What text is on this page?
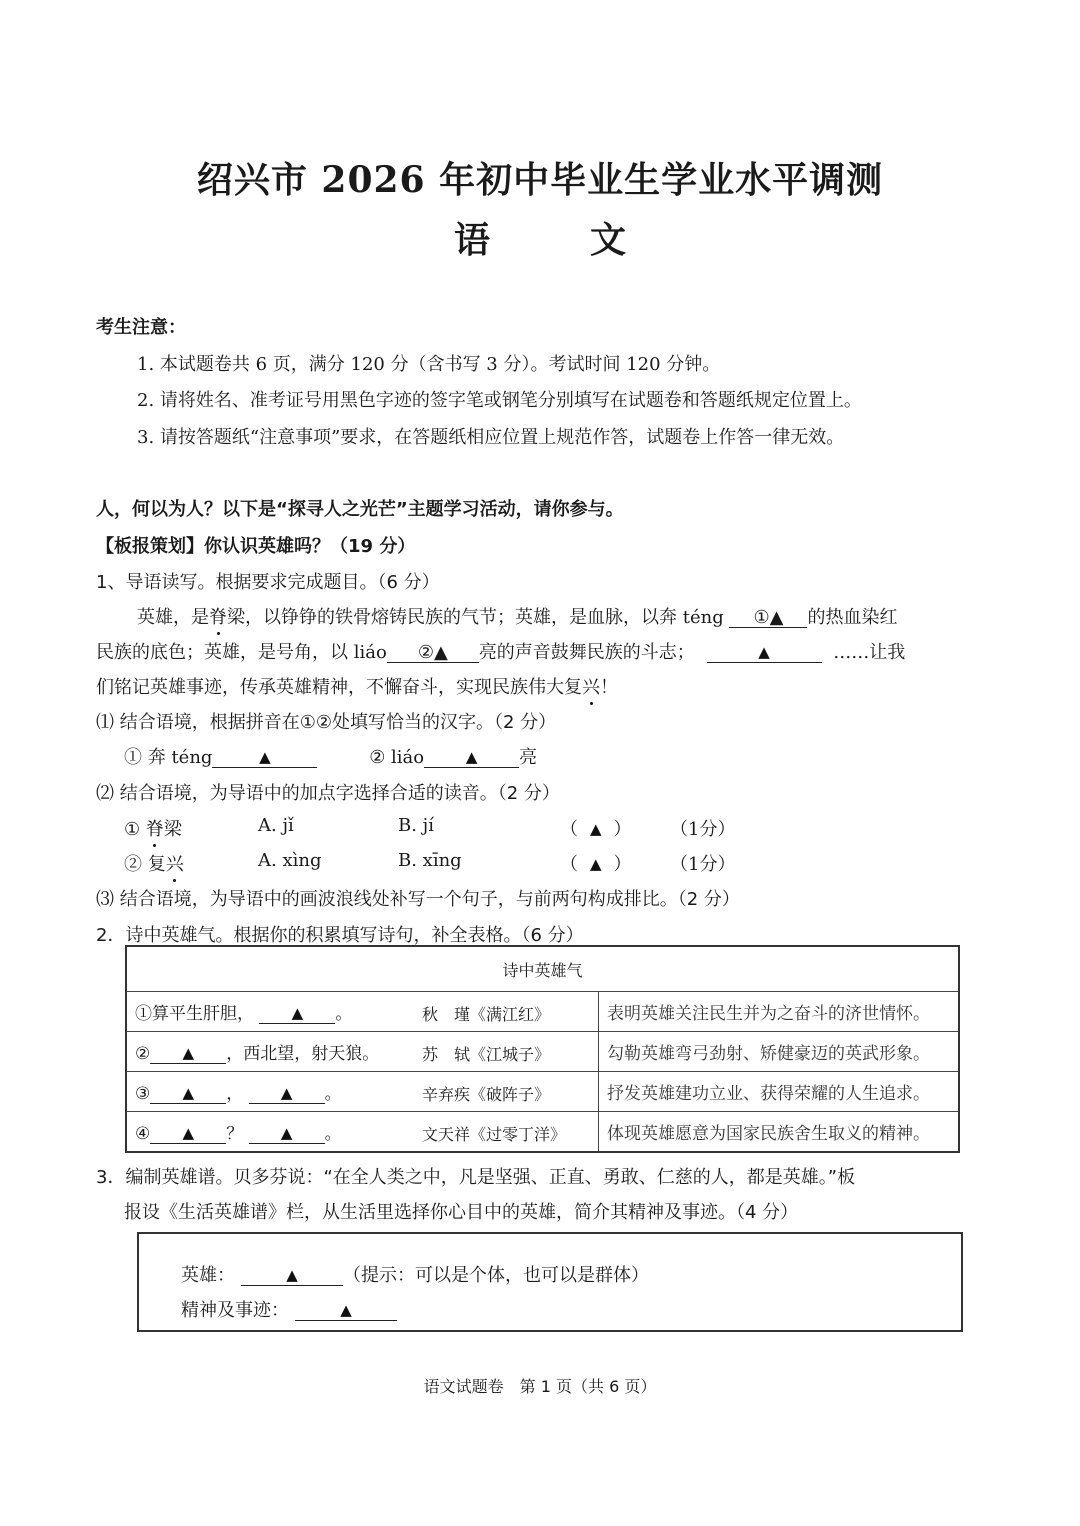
绍兴市 2026 年初中毕业生学业水平调测
语	文
考生注意：
1. 本试题卷共 6 页，满分 120 分（含书写 3 分）。考试时间 120 分钟。
2. 请将姓名、准考证号用黑色字迹的签字笔或钢笔分别填写在试题卷和答题纸规定位置上。
3. 请按答题纸“注意事项”要求，在答题纸相应位置上规范作答，试题卷上作答一律无效。
人，何以为人？以下是“探寻人之光芒”主题学习活动，请你参与。
【板报策划】你认识英雄吗？（19 分）
1、导语读写。根据要求完成题目。（6 分）
英雄，是脊梁，以铮铮的铁骨熔铸民族的气节；英雄，是血脉，以奔 téng ①▲ 的热血染红
民族的底色；英雄，是号角，以 liáo ②▲ 亮的声音鼓舞民族的斗志；	▲	……让我
们铭记英雄事迹，传承英雄精神，不懈奋斗，实现民族伟大复兴！
⑴ 结合语境，根据拼音在①②处填写恰当的汉字。（2 分）
① 奔 téng	▲	② liáo	▲ 亮
⑵ 结合语境，为导语中的加点字选择合适的读音。（2 分）
① 脊梁	A. jǐ	B. jí	（ ▲ ） （1分）
② 复兴	A. xìng	B. xīng	（ ▲ ） （1分）
⑶ 结合语境，为导语中的画波浪线处补写一个句子，与前两句构成排比。（2 分）
2．诗中英雄气。根据你的积累填写诗句，补全表格。（6 分）
诗中英雄气	
①算平生肝胆， ▲ 。 秋　瑾《满江红》	表明英雄关注民生并为之奋斗的济世情怀。
② ▲ ，西北望，射天狼。 苏　轼《江城子》	勾勒英雄弯弓劲射、矫健豪迈的英武形象。
③ ▲ ， ▲ 。 辛弃疾《破阵子》	抒发英雄建功立业、获得荣耀的人生追求。
④ ▲ ？ ▲ 。 文天祥《过零丁洋》	体现英雄愿意为国家民族舍生取义的精神。
3．编制英雄谱。贝多芬说：“在全人类之中，凡是坚强、正直、勇敢、仁慈的人，都是英雄。”板
报设《生活英雄谱》栏，从生活里选择你心目中的英雄，简介其精神及事迹。（4 分）
英雄：	▲	（提示：可以是个体，也可以是群体）
精神及事迹：	▲
语文试题卷　第 1 页（共 6 页）
